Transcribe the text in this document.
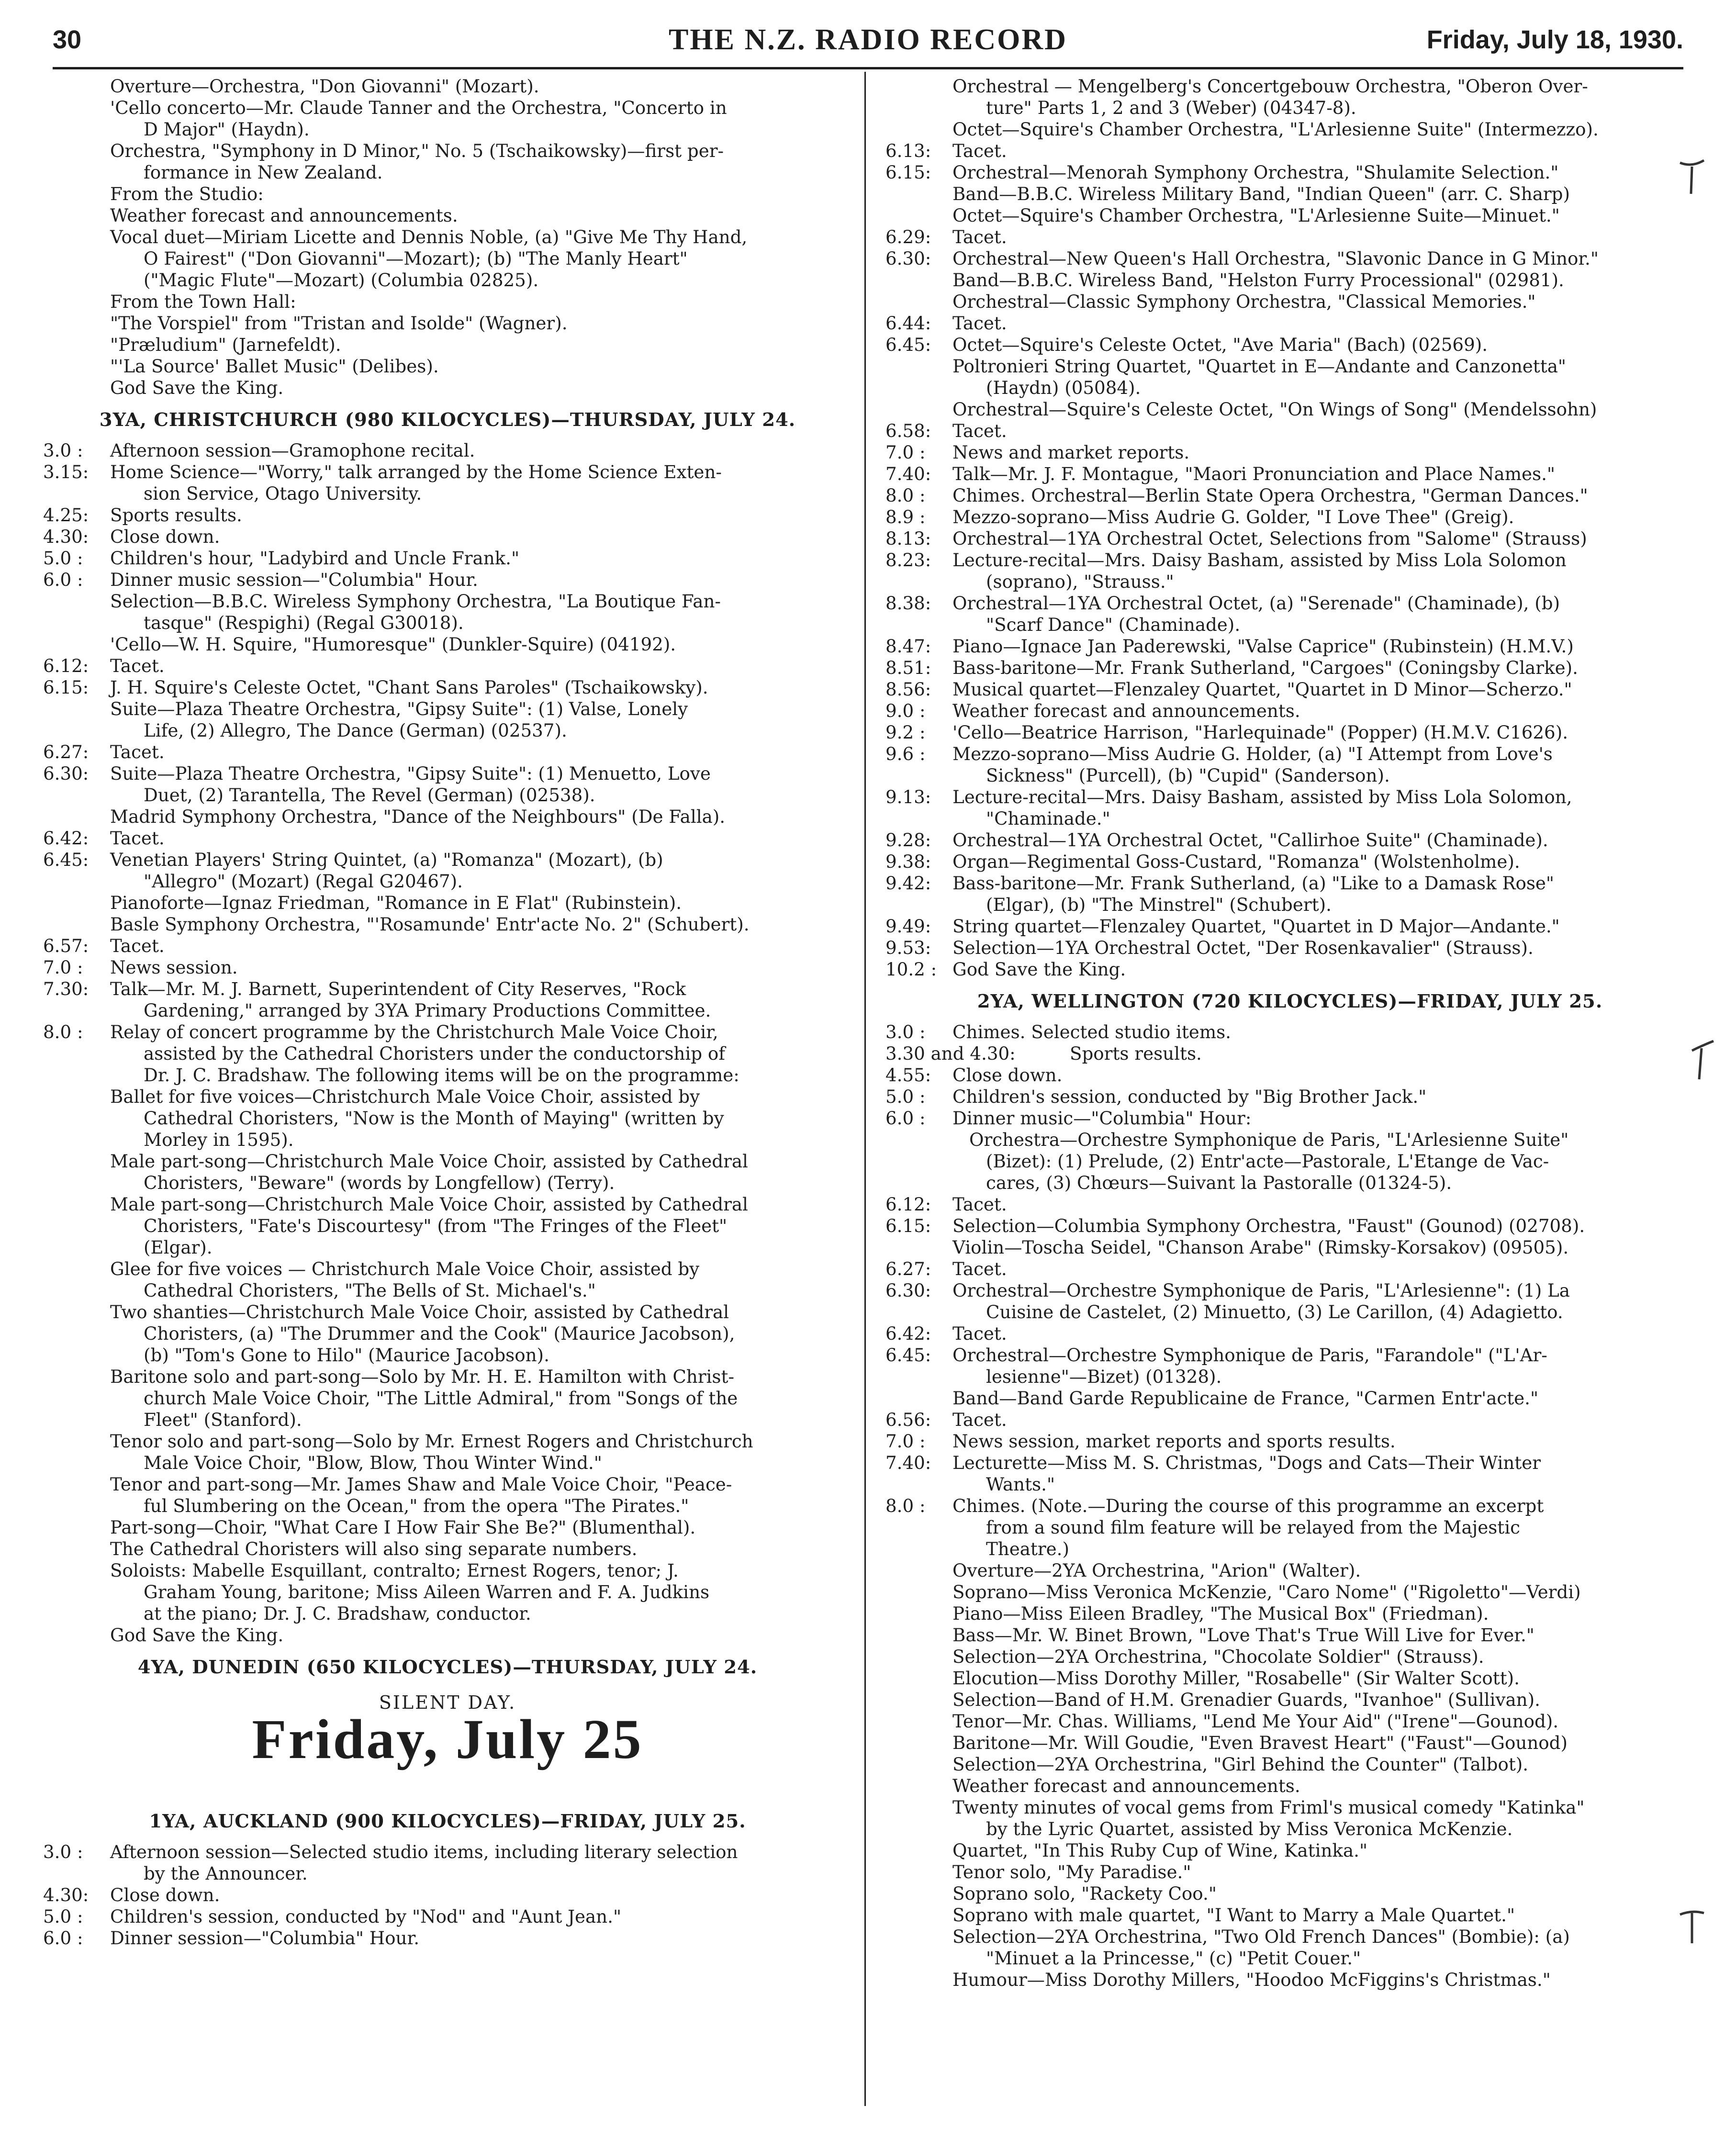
30	THE N.Z. RADIO RECORD	Friday, July 18, 1930.
Overture—Orchestra, "Don Giovanni" (Mozart).
'Cello concerto—Mr. Claude Tanner and the Orchestra, "Concerto in
D Major" (Haydn).
Orchestra, "Symphony in D Minor," No. 5 (Tschaikowsky)—first per-
formance in New Zealand.
From the Studio:
Weather forecast and announcements.
Vocal duet—Miriam Licette and Dennis Noble, (a) "Give Me Thy Hand,
O Fairest" ("Don Giovanni"—Mozart); (b) "The Manly Heart"
("Magic Flute"—Mozart) (Columbia 02825).
From the Town Hall:
"The Vorspiel" from "Tristan and Isolde" (Wagner).
"Præludium" (Jarnefeldt).
"'La Source' Ballet Music" (Delibes).
God Save the King.
3YA, CHRISTCHURCH (980 KILOCYCLES)—THURSDAY, JULY 24.
3.0 :	Afternoon session—Gramophone recital.
3.15:	Home Science—"Worry," talk arranged by the Home Science Exten-
sion Service, Otago University.
4.25:	Sports results.
4.30:	Close down.
5.0 :	Children's hour, "Ladybird and Uncle Frank."
6.0 :	Dinner music session—"Columbia" Hour.
Selection—B.B.C. Wireless Symphony Orchestra, "La Boutique Fan-
tasque" (Respighi) (Regal G30018).
'Cello—W. H. Squire, "Humoresque" (Dunkler-Squire) (04192).
6.12:	Tacet.
6.15:	J. H. Squire's Celeste Octet, "Chant Sans Paroles" (Tschaikowsky).
Suite—Plaza Theatre Orchestra, "Gipsy Suite": (1) Valse, Lonely
Life, (2) Allegro, The Dance (German) (02537).
6.27:	Tacet.
6.30:	Suite—Plaza Theatre Orchestra, "Gipsy Suite": (1) Menuetto, Love
Duet, (2) Tarantella, The Revel (German) (02538).
Madrid Symphony Orchestra, "Dance of the Neighbours" (De Falla).
6.42:	Tacet.
6.45:	Venetian Players' String Quintet, (a) "Romanza" (Mozart), (b)
"Allegro" (Mozart) (Regal G20467).
Pianoforte—Ignaz Friedman, "Romance in E Flat" (Rubinstein).
Basle Symphony Orchestra, "'Rosamunde' Entr'acte No. 2" (Schubert).
6.57:	Tacet.
7.0 :	News session.
7.30:	Talk—Mr. M. J. Barnett, Superintendent of City Reserves, "Rock
Gardening," arranged by 3YA Primary Productions Committee.
8.0 :	Relay of concert programme by the Christchurch Male Voice Choir,
assisted by the Cathedral Choristers under the conductorship of
Dr. J. C. Bradshaw. The following items will be on the programme:
Ballet for five voices—Christchurch Male Voice Choir, assisted by
Cathedral Choristers, "Now is the Month of Maying" (written by
Morley in 1595).
Male part-song—Christchurch Male Voice Choir, assisted by Cathedral
Choristers, "Beware" (words by Longfellow) (Terry).
Male part-song—Christchurch Male Voice Choir, assisted by Cathedral
Choristers, "Fate's Discourtesy" (from "The Fringes of the Fleet"
(Elgar).
Glee for five voices — Christchurch Male Voice Choir, assisted by
Cathedral Choristers, "The Bells of St. Michael's."
Two shanties—Christchurch Male Voice Choir, assisted by Cathedral
Choristers, (a) "The Drummer and the Cook" (Maurice Jacobson),
(b) "Tom's Gone to Hilo" (Maurice Jacobson).
Baritone solo and part-song—Solo by Mr. H. E. Hamilton with Christ-
church Male Voice Choir, "The Little Admiral," from "Songs of the
Fleet" (Stanford).
Tenor solo and part-song—Solo by Mr. Ernest Rogers and Christchurch
Male Voice Choir, "Blow, Blow, Thou Winter Wind."
Tenor and part-song—Mr. James Shaw and Male Voice Choir, "Peace-
ful Slumbering on the Ocean," from the opera "The Pirates."
Part-song—Choir, "What Care I How Fair She Be?" (Blumenthal).
The Cathedral Choristers will also sing separate numbers.
Soloists: Mabelle Esquillant, contralto; Ernest Rogers, tenor; J.
Graham Young, baritone; Miss Aileen Warren and F. A. Judkins
at the piano; Dr. J. C. Bradshaw, conductor.
God Save the King.
4YA, DUNEDIN (650 KILOCYCLES)—THURSDAY, JULY 24.
SILENT DAY.
Friday, July 25
1YA, AUCKLAND (900 KILOCYCLES)—FRIDAY, JULY 25.
3.0 :	Afternoon session—Selected studio items, including literary selection
by the Announcer.
4.30:	Close down.
5.0 :	Children's session, conducted by "Nod" and "Aunt Jean."
6.0 :	Dinner session—"Columbia" Hour.
Orchestral — Mengelberg's Concertgebouw Orchestra, "Oberon Over-
ture" Parts 1, 2 and 3 (Weber) (04347-8).
Octet—Squire's Chamber Orchestra, "L'Arlesienne Suite" (Intermezzo).
6.13:	Tacet.
6.15:	Orchestral—Menorah Symphony Orchestra, "Shulamite Selection."
Band—B.B.C. Wireless Military Band, "Indian Queen" (arr. C. Sharp)
Octet—Squire's Chamber Orchestra, "L'Arlesienne Suite—Minuet."
6.29:	Tacet.
6.30:	Orchestral—New Queen's Hall Orchestra, "Slavonic Dance in G Minor."
Band—B.B.C. Wireless Band, "Helston Furry Processional" (02981).
Orchestral—Classic Symphony Orchestra, "Classical Memories."
6.44:	Tacet.
6.45:	Octet—Squire's Celeste Octet, "Ave Maria" (Bach) (02569).
Poltronieri String Quartet, "Quartet in E—Andante and Canzonetta"
(Haydn) (05084).
Orchestral—Squire's Celeste Octet, "On Wings of Song" (Mendelssohn)
6.58:	Tacet.
7.0 :	News and market reports.
7.40:	Talk—Mr. J. F. Montague, "Maori Pronunciation and Place Names."
8.0 :	Chimes. Orchestral—Berlin State Opera Orchestra, "German Dances."
8.9 :	Mezzo-soprano—Miss Audrie G. Golder, "I Love Thee" (Greig).
8.13:	Orchestral—1YA Orchestral Octet, Selections from "Salome" (Strauss)
8.23:	Lecture-recital—Mrs. Daisy Basham, assisted by Miss Lola Solomon
(soprano), "Strauss."
8.38:	Orchestral—1YA Orchestral Octet, (a) "Serenade" (Chaminade), (b)
"Scarf Dance" (Chaminade).
8.47:	Piano—Ignace Jan Paderewski, "Valse Caprice" (Rubinstein) (H.M.V.)
8.51:	Bass-baritone—Mr. Frank Sutherland, "Cargoes" (Coningsby Clarke).
8.56:	Musical quartet—Flenzaley Quartet, "Quartet in D Minor—Scherzo."
9.0 :	Weather forecast and announcements.
9.2 :	'Cello—Beatrice Harrison, "Harlequinade" (Popper) (H.M.V. C1626).
9.6 :	Mezzo-soprano—Miss Audrie G. Holder, (a) "I Attempt from Love's
Sickness" (Purcell), (b) "Cupid" (Sanderson).
9.13:	Lecture-recital—Mrs. Daisy Basham, assisted by Miss Lola Solomon,
"Chaminade."
9.28:	Orchestral—1YA Orchestral Octet, "Callirhoe Suite" (Chaminade).
9.38:	Organ—Regimental Goss-Custard, "Romanza" (Wolstenholme).
9.42:	Bass-baritone—Mr. Frank Sutherland, (a) "Like to a Damask Rose"
(Elgar), (b) "The Minstrel" (Schubert).
9.49:	String quartet—Flenzaley Quartet, "Quartet in D Major—Andante."
9.53:	Selection—1YA Orchestral Octet, "Der Rosenkavalier" (Strauss).
10.2 : God Save the King.
2YA, WELLINGTON (720 KILOCYCLES)—FRIDAY, JULY 25.
3.0 :	Chimes. Selected studio items.
3.30 and 4.30:	Sports results.
4.55:	Close down.
5.0 :	Children's session, conducted by "Big Brother Jack."
6.0 :	Dinner music—"Columbia" Hour:
Orchestra—Orchestre Symphonique de Paris, "L'Arlesienne Suite"
(Bizet): (1) Prelude, (2) Entr'acte—Pastorale, L'Etange de Vac-
cares, (3) Chœurs—Suivant la Pastoralle (01324-5).
6.12:	Tacet.
6.15:	Selection—Columbia Symphony Orchestra, "Faust" (Gounod) (02708).
Violin—Toscha Seidel, "Chanson Arabe" (Rimsky-Korsakov) (09505).
6.27:	Tacet.
6.30:	Orchestral—Orchestre Symphonique de Paris, "L'Arlesienne": (1) La
Cuisine de Castelet, (2) Minuetto, (3) Le Carillon, (4) Adagietto.
6.42:	Tacet.
6.45:	Orchestral—Orchestre Symphonique de Paris, "Farandole" ("L'Ar-
lesienne"—Bizet) (01328).
Band—Band Garde Republicaine de France, "Carmen Entr'acte."
6.56:	Tacet.
7.0 :	News session, market reports and sports results.
7.40:	Lecturette—Miss M. S. Christmas, "Dogs and Cats—Their Winter
Wants."
8.0 :	Chimes. (Note.—During the course of this programme an excerpt
from a sound film feature will be relayed from the Majestic
Theatre.)
Overture—2YA Orchestrina, "Arion" (Walter).
Soprano—Miss Veronica McKenzie, "Caro Nome" ("Rigoletto"—Verdi)
Piano—Miss Eileen Bradley, "The Musical Box" (Friedman).
Bass—Mr. W. Binet Brown, "Love That's True Will Live for Ever."
Selection—2YA Orchestrina, "Chocolate Soldier" (Strauss).
Elocution—Miss Dorothy Miller, "Rosabelle" (Sir Walter Scott).
Selection—Band of H.M. Grenadier Guards, "Ivanhoe" (Sullivan).
Tenor—Mr. Chas. Williams, "Lend Me Your Aid" ("Irene"—Gounod).
Baritone—Mr. Will Goudie, "Even Bravest Heart" ("Faust"—Gounod)
Selection—2YA Orchestrina, "Girl Behind the Counter" (Talbot).
Weather forecast and announcements.
Twenty minutes of vocal gems from Friml's musical comedy "Katinka"
by the Lyric Quartet, assisted by Miss Veronica McKenzie.
Quartet, "In This Ruby Cup of Wine, Katinka."
Tenor solo, "My Paradise."
Soprano solo, "Rackety Coo."
Soprano with male quartet, "I Want to Marry a Male Quartet."
Selection—2YA Orchestrina, "Two Old French Dances" (Bombie): (a)
"Minuet a la Princesse," (c) "Petit Couer."
Humour—Miss Dorothy Millers, "Hoodoo McFiggins's Christmas."
